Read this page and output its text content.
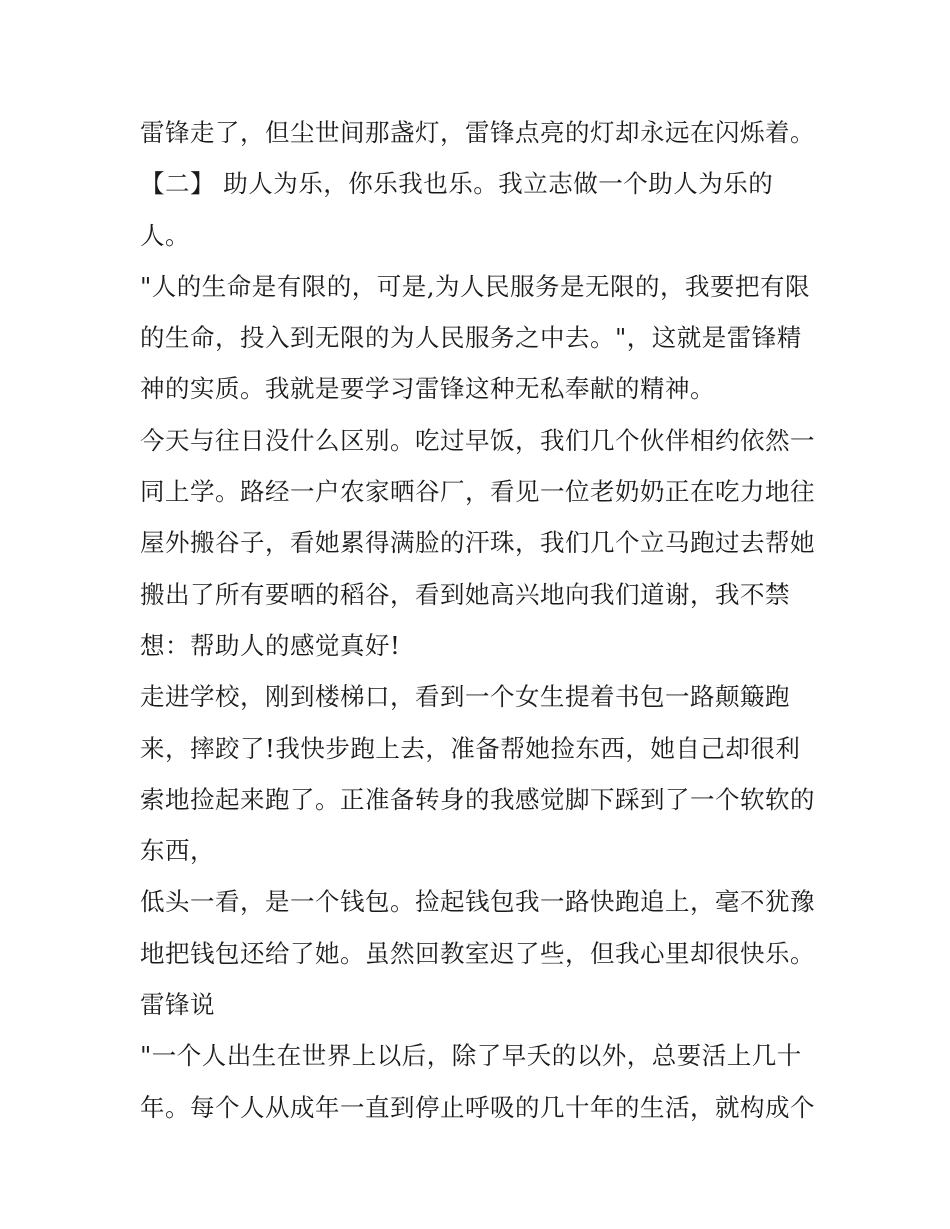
雷锋走了，但尘世间那盏灯，雷锋点亮的灯却永远在闪烁着。
【二】 助人为乐，你乐我也乐。我立志做一个助人为乐的
人。
"人的生命是有限的，可是,为人民服务是无限的，我要把有限
的生命，投入到无限的为人民服务之中去。"，这就是雷锋精
神的实质。我就是要学习雷锋这种无私奉献的精神。
今天与往日没什么区别。吃过早饭，我们几个伙伴相约依然一
同上学。路经一户农家晒谷厂，看见一位老奶奶正在吃力地往
屋外搬谷子，看她累得满脸的汗珠，我们几个立马跑过去帮她
搬出了所有要晒的稻谷，看到她高兴地向我们道谢，我不禁
想：帮助人的感觉真好!
走进学校，刚到楼梯口，看到一个女生提着书包一路颠簸跑
来，摔跤了!我快步跑上去，准备帮她捡东西，她自己却很利
索地捡起来跑了。正准备转身的我感觉脚下踩到了一个软软的
东西，
低头一看，是一个钱包。捡起钱包我一路快跑追上，毫不犹豫
地把钱包还给了她。虽然回教室迟了些，但我心里却很快乐。
雷锋说
"一个人出生在世界上以后，除了早夭的以外，总要活上几十
年。每个人从成年一直到停止呼吸的几十年的生活，就构成个
